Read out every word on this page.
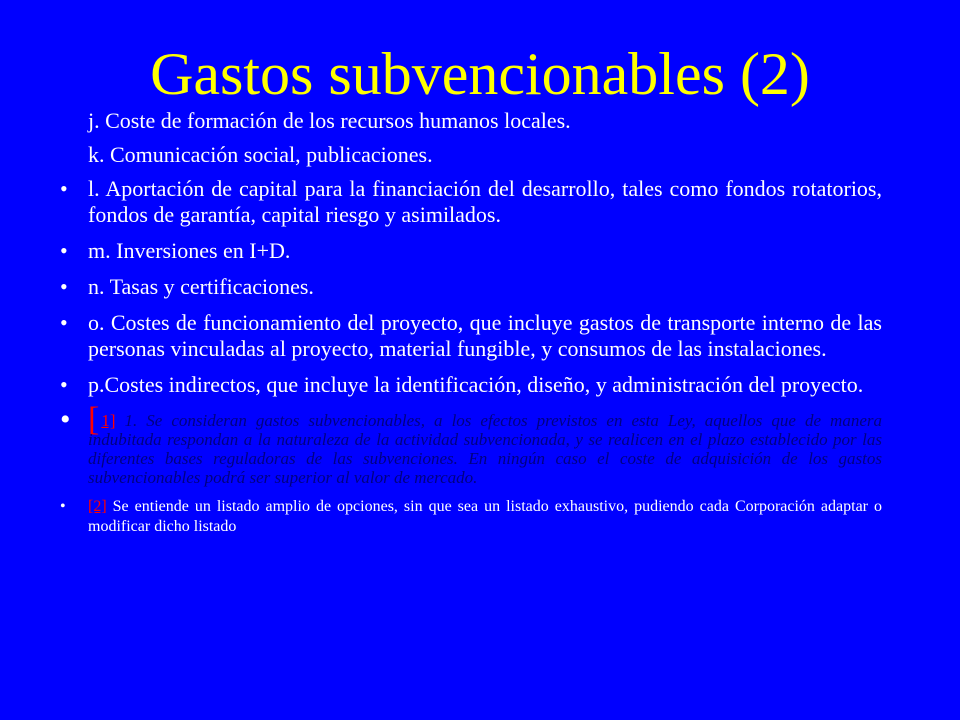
Gastos subvencionables (2)
j. Coste de formación de los recursos humanos locales.
k. Comunicación social, publicaciones.
• l. Aportación de capital para la financiación del desarrollo, tales como fondos rotatorios, fondos de garantía, capital riesgo y asimilados.
• m. Inversiones en I+D.
• n. Tasas y certificaciones.
• o. Costes de funcionamiento del proyecto, que incluye gastos de transporte interno de las personas vinculadas al proyecto, material fungible, y consumos de las instalaciones.
• p.Costes indirectos, que incluye la identificación, diseño, y administración del proyecto.
• [ 1] 1. Se consideran gastos subvencionables, a los efectos previstos en esta Ley, aquellos que de manera indubitada respondan a la naturaleza de la actividad subvencionada, y se realicen en el plazo establecido por las diferentes bases reguladoras de las subvenciones. En ningún caso el coste de adquisición de los gastos subvencionables podrá ser superior al valor de mercado.
• [2] Se entiende un listado amplio de opciones, sin que sea un listado exhaustivo, pudiendo cada Corporación adaptar o modificar dicho listado
